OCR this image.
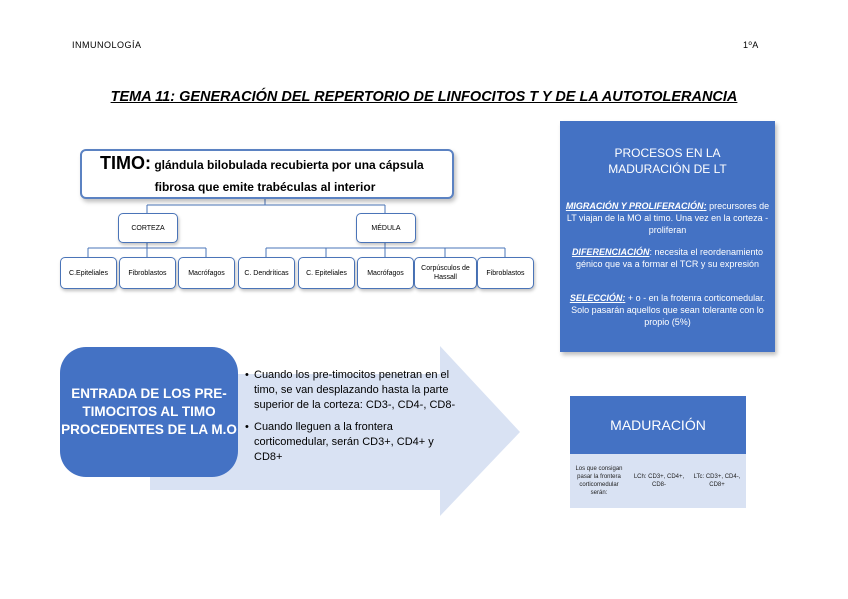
INMUNOLOGÍA	1ºA
TEMA 11: GENERACIÓN DEL REPERTORIO DE LINFOCITOS T Y DE LA AUTOTOLERANCIA
TIMO: glándula bilobulada recubierta por una cápsula
fibrosa que emite trabéculas al interior
CORTEZA	MÉDULA
C.Epiteliales	Fibroblastos	Macrófagos	C. Dendríticas	C. Epiteliales	Macrófagos
Corpúsculos de Hassall
Fibroblastos
PROCESOS EN LA
MADURACIÓN DE LT
MIGRACIÓN Y PROLIFERACIÓN: precursores de LT viajan de la MO al timo. Una vez en la corteza - proliferan
DIFERENCIACIÓN: necesita el reordenamiento génico que va a formar el TCR y su expresión
SELECCIÓN: + o - en la frotenra corticomedular. Solo pasarán aquellos que sean tolerante con lo propio (5%)
ENTRADA DE LOS PRE-TIMOCITOS AL TIMO PROCEDENTES DE LA M.O
• Cuando los pre-timocitos penetran en el timo, se van desplazando hasta la parte superior de la corteza: CD3-, CD4-, CD8-
• Cuando lleguen a la frontera corticomedular, serán CD3+, CD4+ y CD8+
MADURACIÓN
Los que consigan pasar la frontera corticomedular serán:
LCh: CD3+, CD4+, CD8-
LTc: CD3+, CD4-, CD8+
